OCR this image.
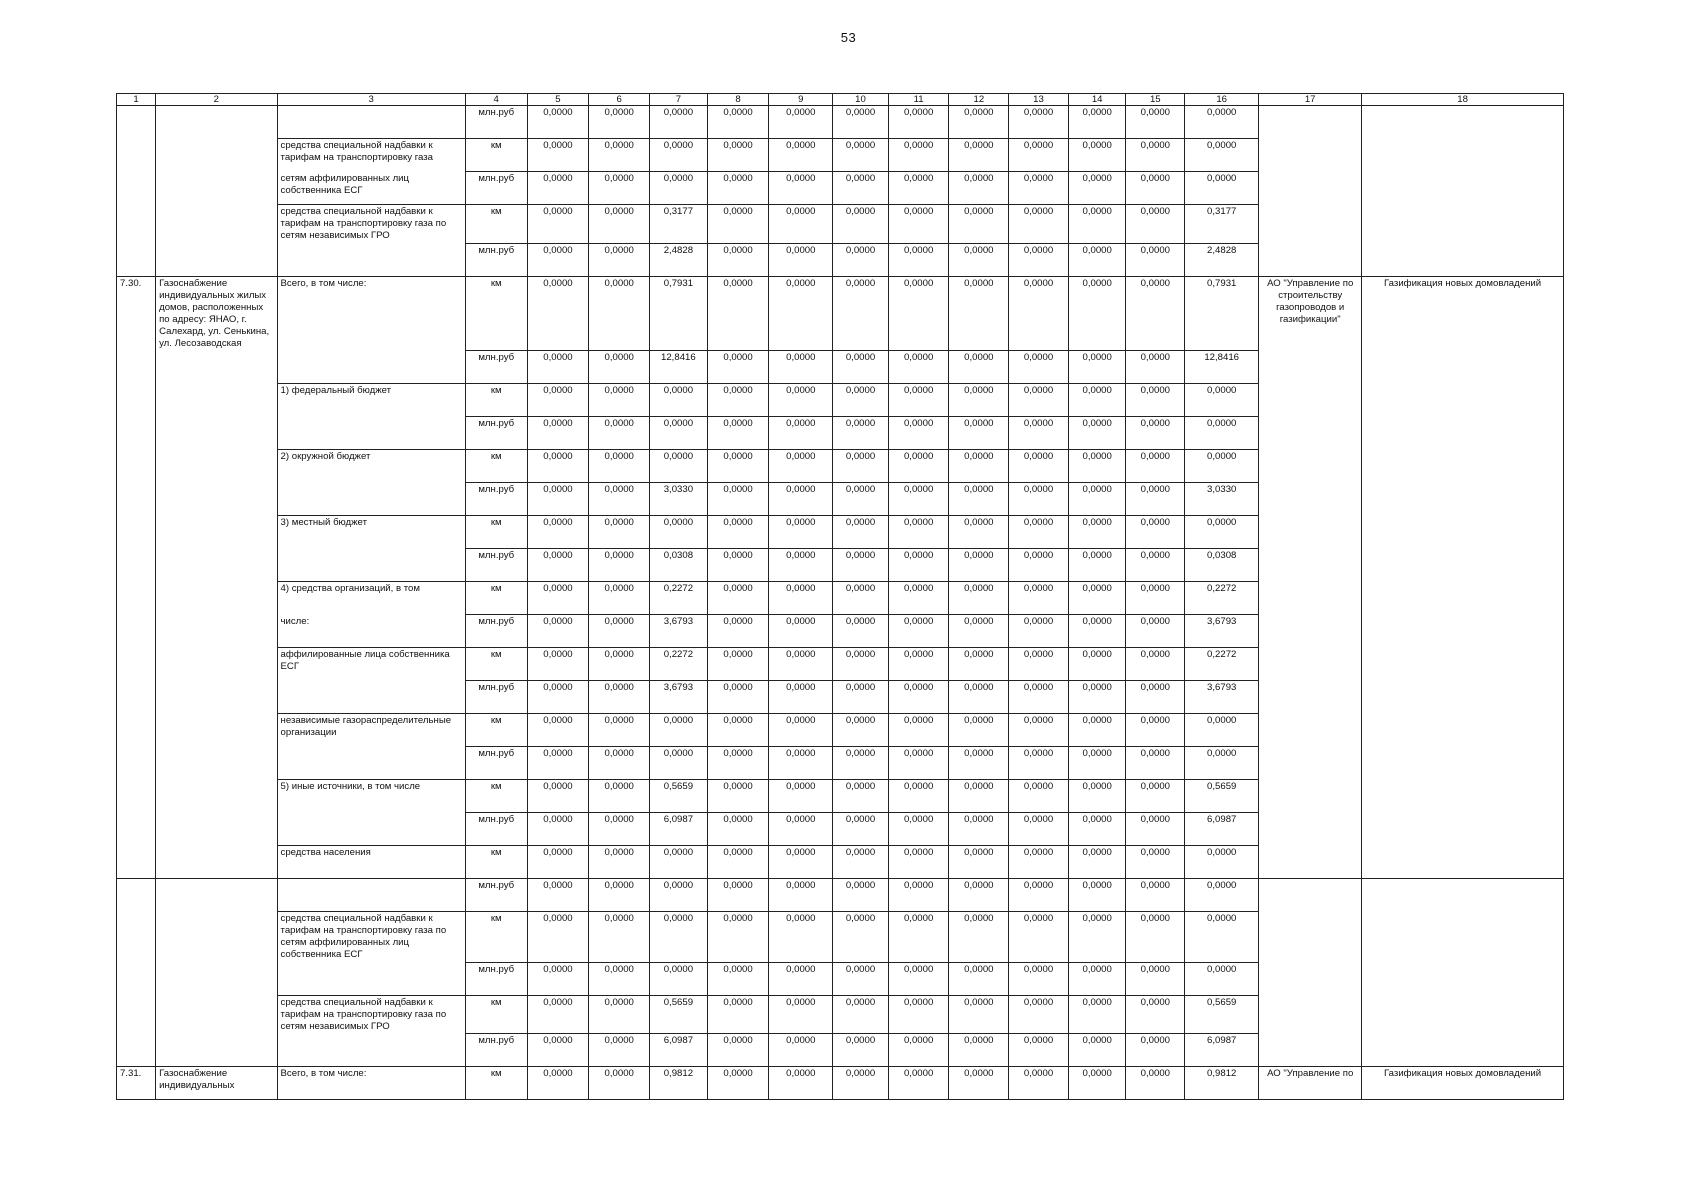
53
1	2	3	4	5	6	7	8	9	10	11	12	13	14	15	16	17	18
			млн.руб	0,0000	0,0000	0,0000	0,0000	0,0000	0,0000	0,0000	0,0000	0,0000	0,0000	0,0000	0,0000		
		средства специальной надбавки к тарифам на транспортировку газа	км	0,0000	0,0000	0,0000	0,0000	0,0000	0,0000	0,0000	0,0000	0,0000	0,0000	0,0000	0,0000		
		сетям аффилированных лиц собственника ЕСГ	млн.руб	0,0000	0,0000	0,0000	0,0000	0,0000	0,0000	0,0000	0,0000	0,0000	0,0000	0,0000	0,0000		
		средства специальной надбавки к тарифам на транспортировку газа по сетям независимых ГРО	км	0,0000	0,0000	0,3177	0,0000	0,0000	0,0000	0,0000	0,0000	0,0000	0,0000	0,0000	0,3177		
			млн.руб	0,0000	0,0000	2,4828	0,0000	0,0000	0,0000	0,0000	0,0000	0,0000	0,0000	0,0000	2,4828		
7.30.	Газоснабжение индивидуальных жилых домов, расположенных по адресу: ЯНАО, г. Салехард, ул. Сенькина, ул. Лесозаводская	Всего, в том числе:	км	0,0000	0,0000	0,7931	0,0000	0,0000	0,0000	0,0000	0,0000	0,0000	0,0000	0,0000	0,7931	АО "Управление по строительству газопроводов и газификации"	Газификация новых домовладений
			млн.руб	0,0000	0,0000	12,8416	0,0000	0,0000	0,0000	0,0000	0,0000	0,0000	0,0000	0,0000	12,8416		
		1) федеральный бюджет	км	0,0000	0,0000	0,0000	0,0000	0,0000	0,0000	0,0000	0,0000	0,0000	0,0000	0,0000	0,0000		
			млн.руб	0,0000	0,0000	0,0000	0,0000	0,0000	0,0000	0,0000	0,0000	0,0000	0,0000	0,0000	0,0000		
		2) окружной бюджет	км	0,0000	0,0000	0,0000	0,0000	0,0000	0,0000	0,0000	0,0000	0,0000	0,0000	0,0000	0,0000		
			млн.руб	0,0000	0,0000	3,0330	0,0000	0,0000	0,0000	0,0000	0,0000	0,0000	0,0000	0,0000	3,0330		
		3) местный бюджет	км	0,0000	0,0000	0,0000	0,0000	0,0000	0,0000	0,0000	0,0000	0,0000	0,0000	0,0000	0,0000		
			млн.руб	0,0000	0,0000	0,0308	0,0000	0,0000	0,0000	0,0000	0,0000	0,0000	0,0000	0,0000	0,0308		
		4) средства организаций, в том	км	0,0000	0,0000	0,2272	0,0000	0,0000	0,0000	0,0000	0,0000	0,0000	0,0000	0,0000	0,2272		
		числе:	млн.руб	0,0000	0,0000	3,6793	0,0000	0,0000	0,0000	0,0000	0,0000	0,0000	0,0000	0,0000	3,6793		
		аффилированные лица собственника ЕСГ	км	0,0000	0,0000	0,2272	0,0000	0,0000	0,0000	0,0000	0,0000	0,0000	0,0000	0,0000	0,2272		
			млн.руб	0,0000	0,0000	3,6793	0,0000	0,0000	0,0000	0,0000	0,0000	0,0000	0,0000	0,0000	3,6793		
		независимые газораспределительные организации	км	0,0000	0,0000	0,0000	0,0000	0,0000	0,0000	0,0000	0,0000	0,0000	0,0000	0,0000	0,0000		
			млн.руб	0,0000	0,0000	0,0000	0,0000	0,0000	0,0000	0,0000	0,0000	0,0000	0,0000	0,0000	0,0000		
		5) иные источники, в том числе	км	0,0000	0,0000	0,5659	0,0000	0,0000	0,0000	0,0000	0,0000	0,0000	0,0000	0,0000	0,5659		
			млн.руб	0,0000	0,0000	6,0987	0,0000	0,0000	0,0000	0,0000	0,0000	0,0000	0,0000	0,0000	6,0987		
		средства населения	км	0,0000	0,0000	0,0000	0,0000	0,0000	0,0000	0,0000	0,0000	0,0000	0,0000	0,0000	0,0000		
			млн.руб	0,0000	0,0000	0,0000	0,0000	0,0000	0,0000	0,0000	0,0000	0,0000	0,0000	0,0000	0,0000		
		средства специальной надбавки к тарифам на транспортировку газа по сетям аффилированных лиц собственника ЕСГ	км	0,0000	0,0000	0,0000	0,0000	0,0000	0,0000	0,0000	0,0000	0,0000	0,0000	0,0000	0,0000		
			млн.руб	0,0000	0,0000	0,0000	0,0000	0,0000	0,0000	0,0000	0,0000	0,0000	0,0000	0,0000	0,0000		
		средства специальной надбавки к тарифам на транспортировку газа по сетям независимых ГРО	км	0,0000	0,0000	0,5659	0,0000	0,0000	0,0000	0,0000	0,0000	0,0000	0,0000	0,0000	0,5659		
			млн.руб	0,0000	0,0000	6,0987	0,0000	0,0000	0,0000	0,0000	0,0000	0,0000	0,0000	0,0000	6,0987		
7.31.	Газоснабжение индивидуальных	Всего, в том числе:	км	0,0000	0,0000	0,9812	0,0000	0,0000	0,0000	0,0000	0,0000	0,0000	0,0000	0,0000	0,9812	АО "Управление по	Газификация новых домовладений
